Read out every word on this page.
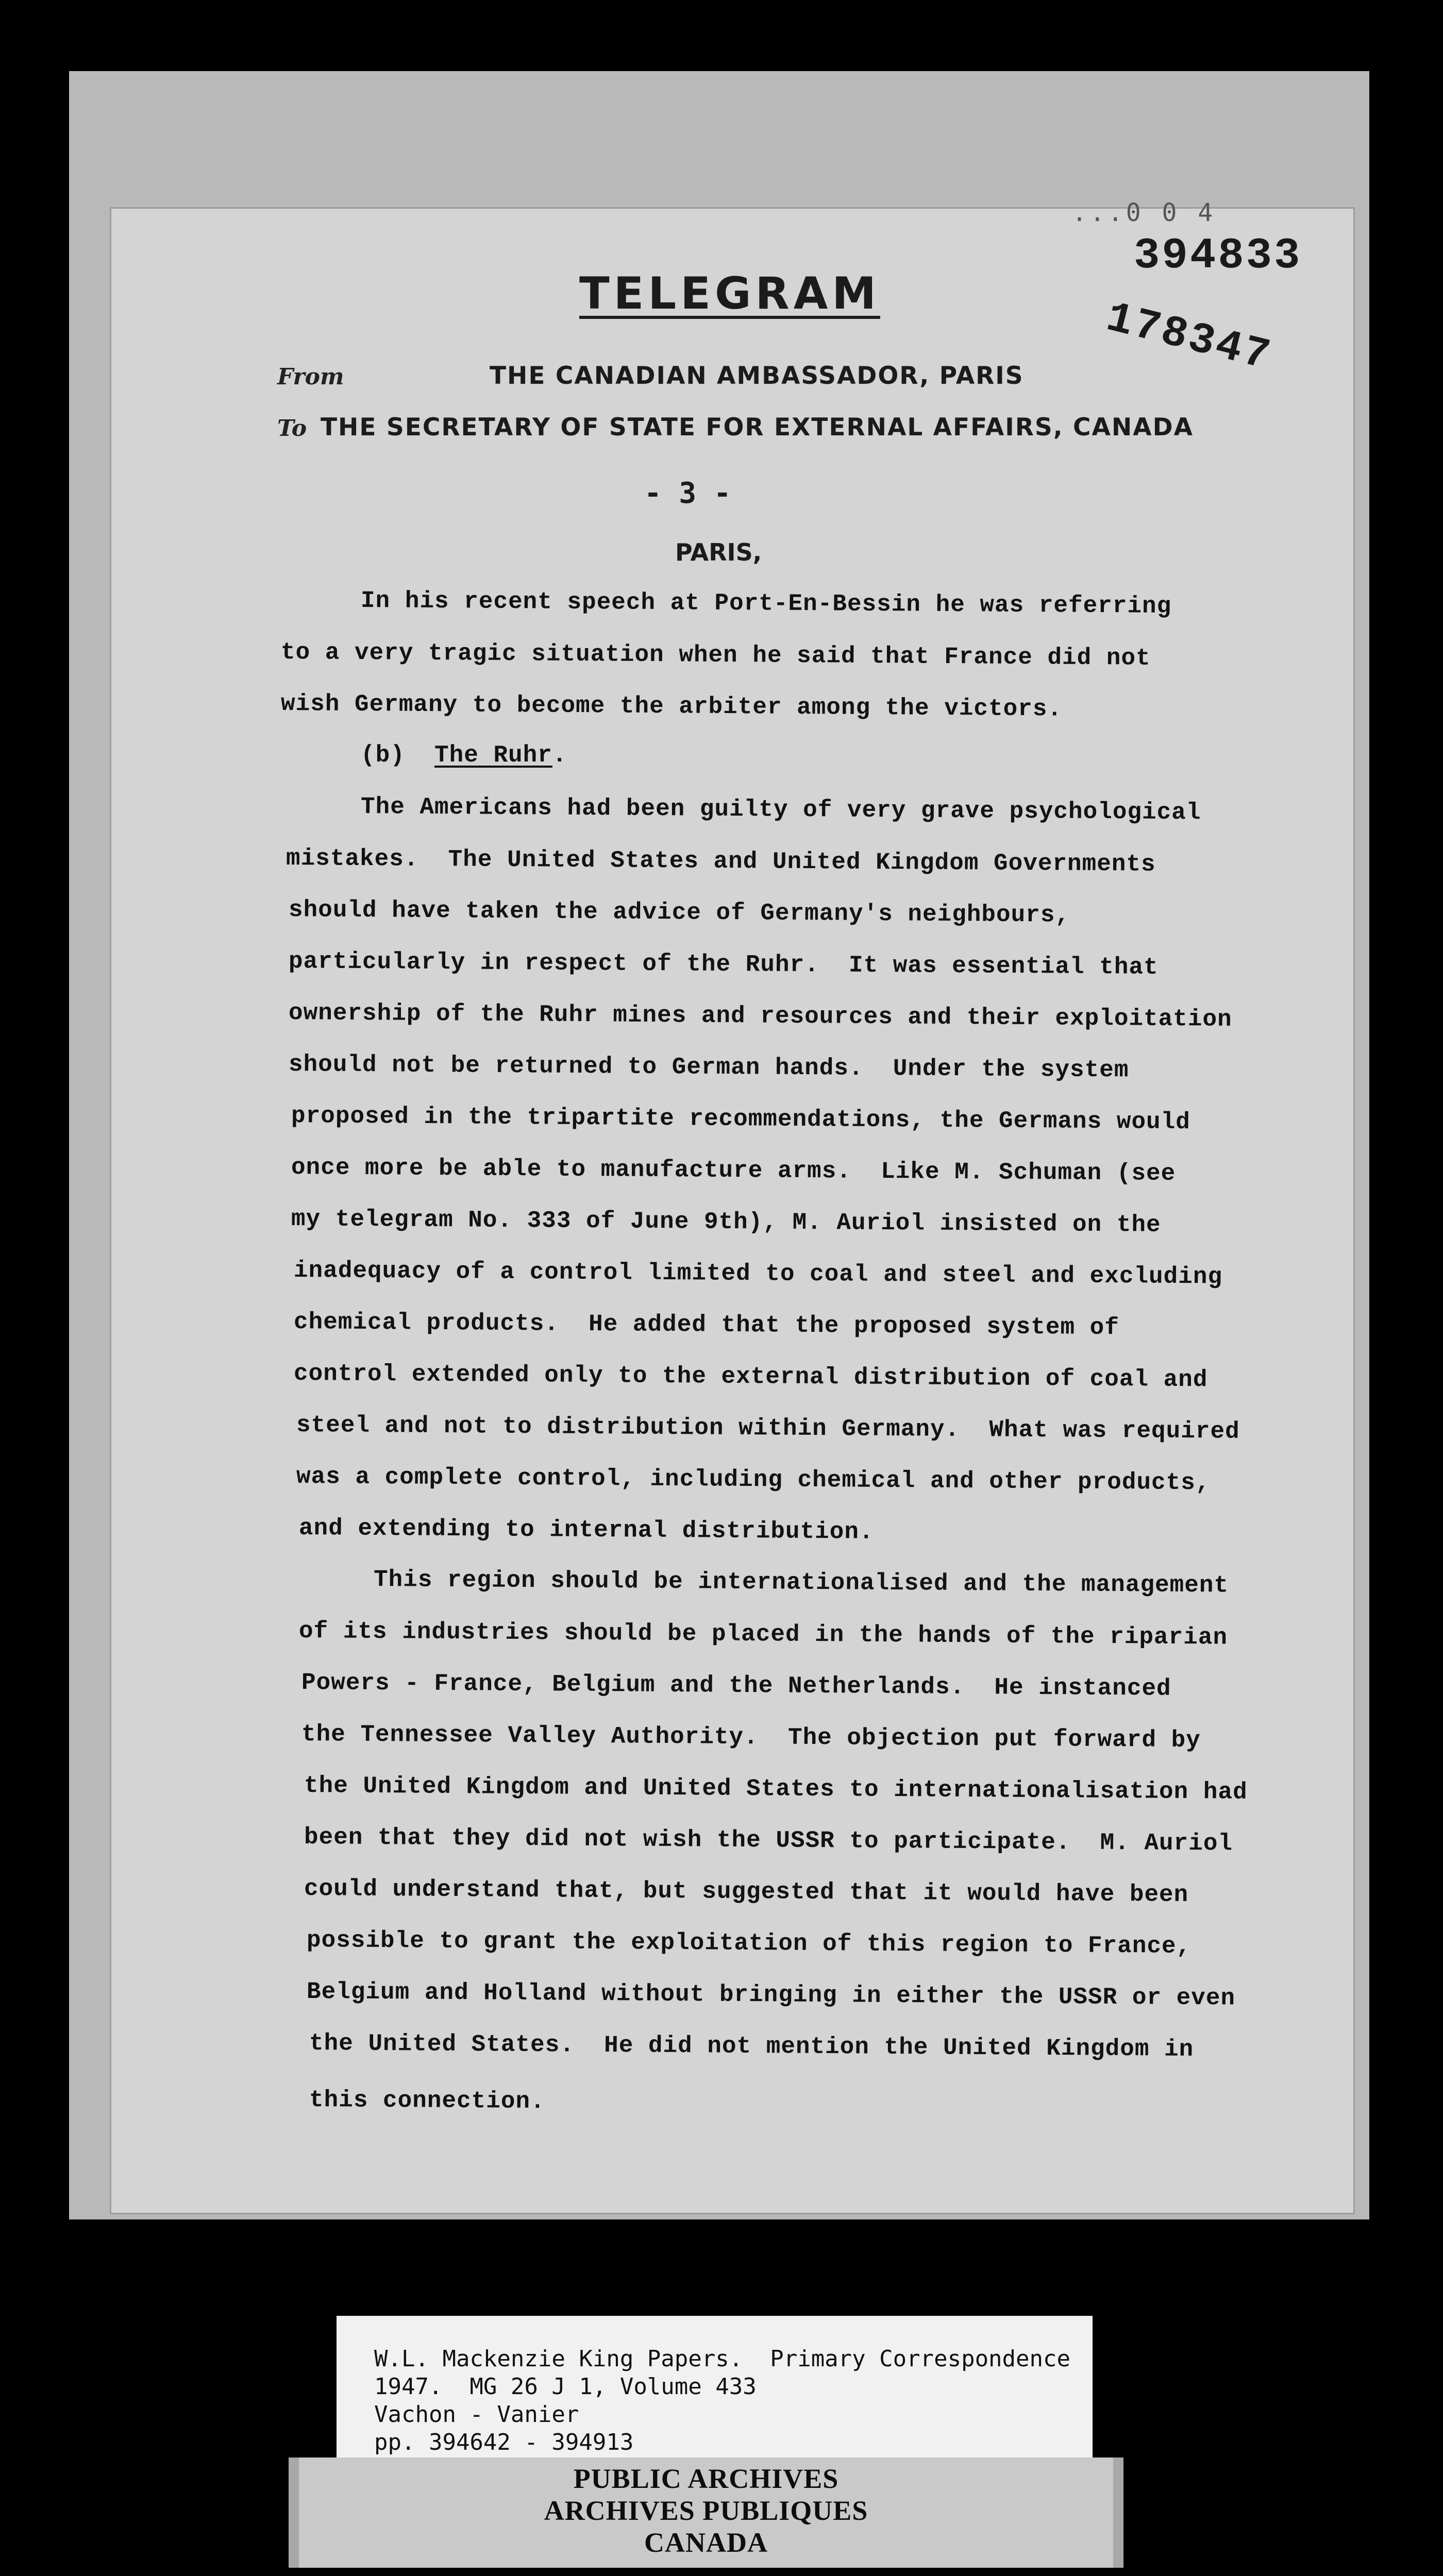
...0 0 4
394833
178347
TELEGRAM
From	THE CANADIAN AMBASSADOR, PARIS
To THE SECRETARY OF STATE FOR EXTERNAL AFFAIRS, CANADA
- 3 -
PARIS,
In his recent speech at Port-En-Bessin he was referring
to a very tragic situation when he said that France did not
wish Germany to become the arbiter among the victors.
(b)  The Ruhr.
The Americans had been guilty of very grave psychological
mistakes.  The United States and United Kingdom Governments
should have taken the advice of Germany's neighbours,
particularly in respect of the Ruhr.  It was essential that
ownership of the Ruhr mines and resources and their exploitation
should not be returned to German hands.  Under the system
proposed in the tripartite recommendations, the Germans would
once more be able to manufacture arms.  Like M. Schuman (see
my telegram No. 333 of June 9th), M. Auriol insisted on the
inadequacy of a control limited to coal and steel and excluding
chemical products.  He added that the proposed system of
control extended only to the external distribution of coal and
steel and not to distribution within Germany.  What was required
was a complete control, including chemical and other products,
and extending to internal distribution.
This region should be internationalised and the management
of its industries should be placed in the hands of the riparian
Powers - France, Belgium and the Netherlands.  He instanced
the Tennessee Valley Authority.  The objection put forward by
the United Kingdom and United States to internationalisation had
been that they did not wish the USSR to participate.  M. Auriol
could understand that, but suggested that it would have been
possible to grant the exploitation of this region to France,
Belgium and Holland without bringing in either the USSR or even
the United States.  He did not mention the United Kingdom in
this connection.
W.L. Mackenzie King Papers.  Primary Correspondence
1947.  MG 26 J 1, Volume 433
Vachon - Vanier
pp. 394642 - 394913
PUBLIC ARCHIVES
ARCHIVES PUBLIQUES
CANADA
